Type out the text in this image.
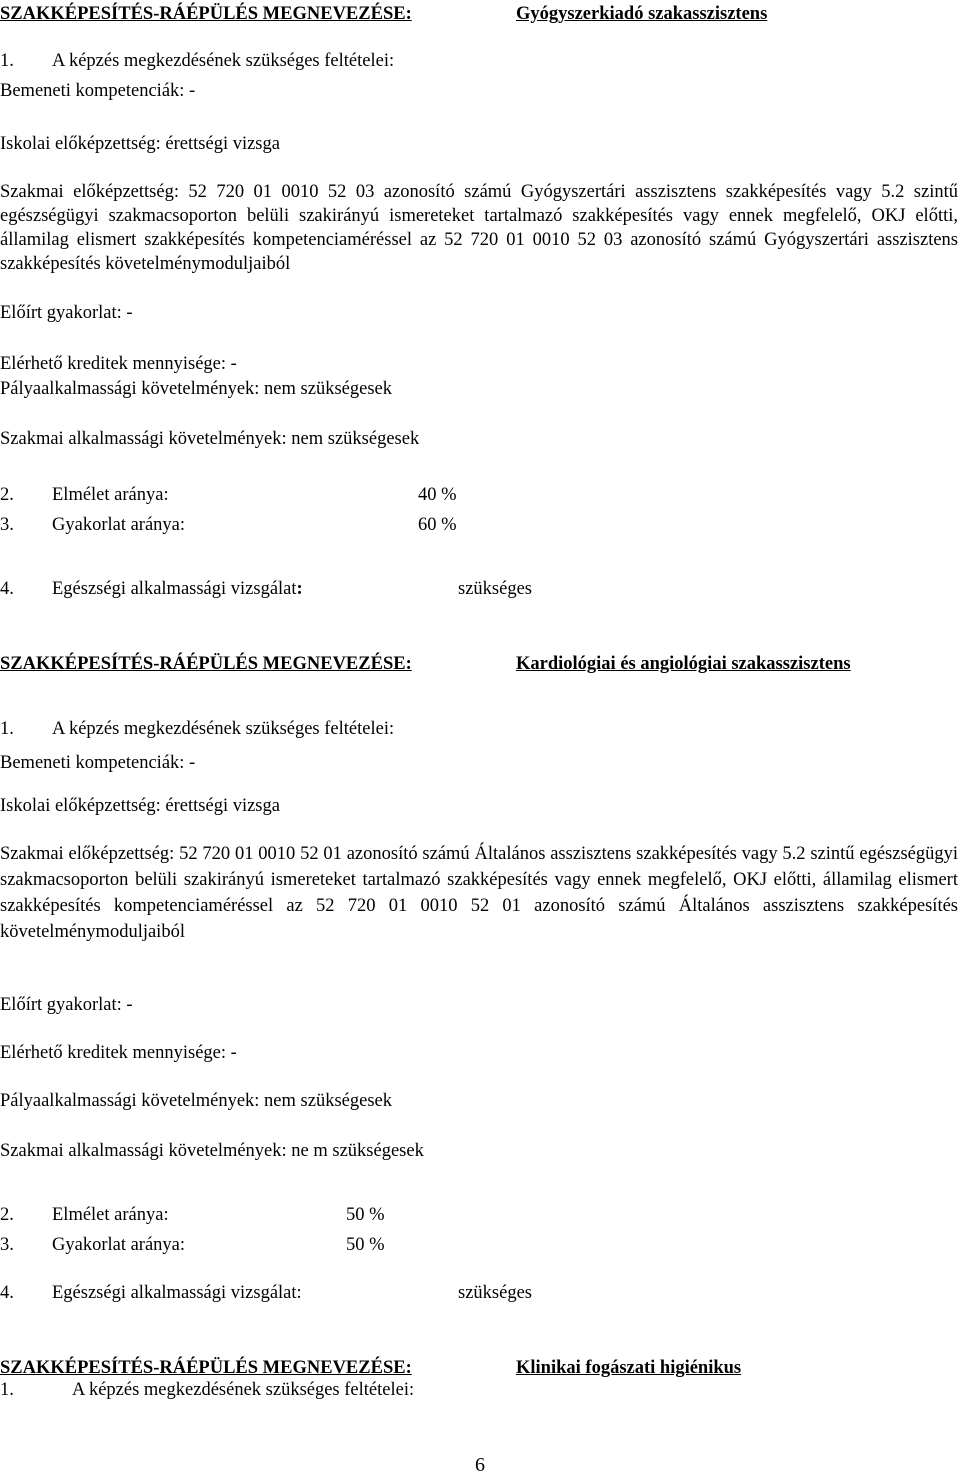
SZAKKÉPESÍTÉS-RÁÉPÜLÉS MEGNEVEZÉSE:	Gyógyszerkiadó szakasszisztens
1. A képzés megkezdésének szükséges feltételei:
Bemeneti kompetenciák: -
Iskolai előképzettség: érettségi vizsga
Szakmai előképzettség: 52 720 01 0010 52 03 azonosító számú Gyógyszertári asszisztens szakképesítés vagy 5.2 szintű egészségügyi szakmacsoporton belüli szakirányú ismereteket tartalmazó szakképesítés vagy ennek megfelelő, OKJ előtti, államilag elismert szakképesítés kompetenciaméréssel az 52 720 01 0010 52 03 azonosító számú Gyógyszertári asszisztens szakképesítés követelménymoduljaiból
Előírt gyakorlat: -
Elérhető kreditek mennyisége: -
Pályaalkalmassági követelmények: nem szükségesek
Szakmai alkalmassági követelmények: nem szükségesek
2. Elmélet aránya:	40 %
3. Gyakorlat aránya:	60 %
4. Egészségi alkalmassági vizsgálat:	szükséges
SZAKKÉPESÍTÉS-RÁÉPÜLÉS MEGNEVEZÉSE:	Kardiológiai és angiológiai szakasszisztens
1. A képzés megkezdésének szükséges feltételei:
Bemeneti kompetenciák: -
Iskolai előképzettség: érettségi vizsga
Szakmai előképzettség: 52 720 01 0010 52 01 azonosító számú Általános asszisztens szakképesítés vagy 5.2 szintű egészségügyi szakmacsoporton belüli szakirányú ismereteket tartalmazó szakképesítés vagy ennek megfelelő, OKJ előtti, államilag elismert szakképesítés kompetenciaméréssel az 52 720 01 0010 52 01 azonosító számú Általános asszisztens szakképesítés követelménymoduljaiból
Előírt gyakorlat: -
Elérhető kreditek mennyisége: -
Pályaalkalmassági követelmények: nem szükségesek
Szakmai alkalmassági követelmények: ne m szükségesek
2. Elmélet aránya:	50 %
3. Gyakorlat aránya:	50 %
4. Egészségi alkalmassági vizsgálat:	szükséges
SZAKKÉPESÍTÉS-RÁÉPÜLÉS MEGNEVEZÉSE:	Klinikai fogászati higiénikus
1.	A képzés megkezdésének szükséges feltételei:
6
